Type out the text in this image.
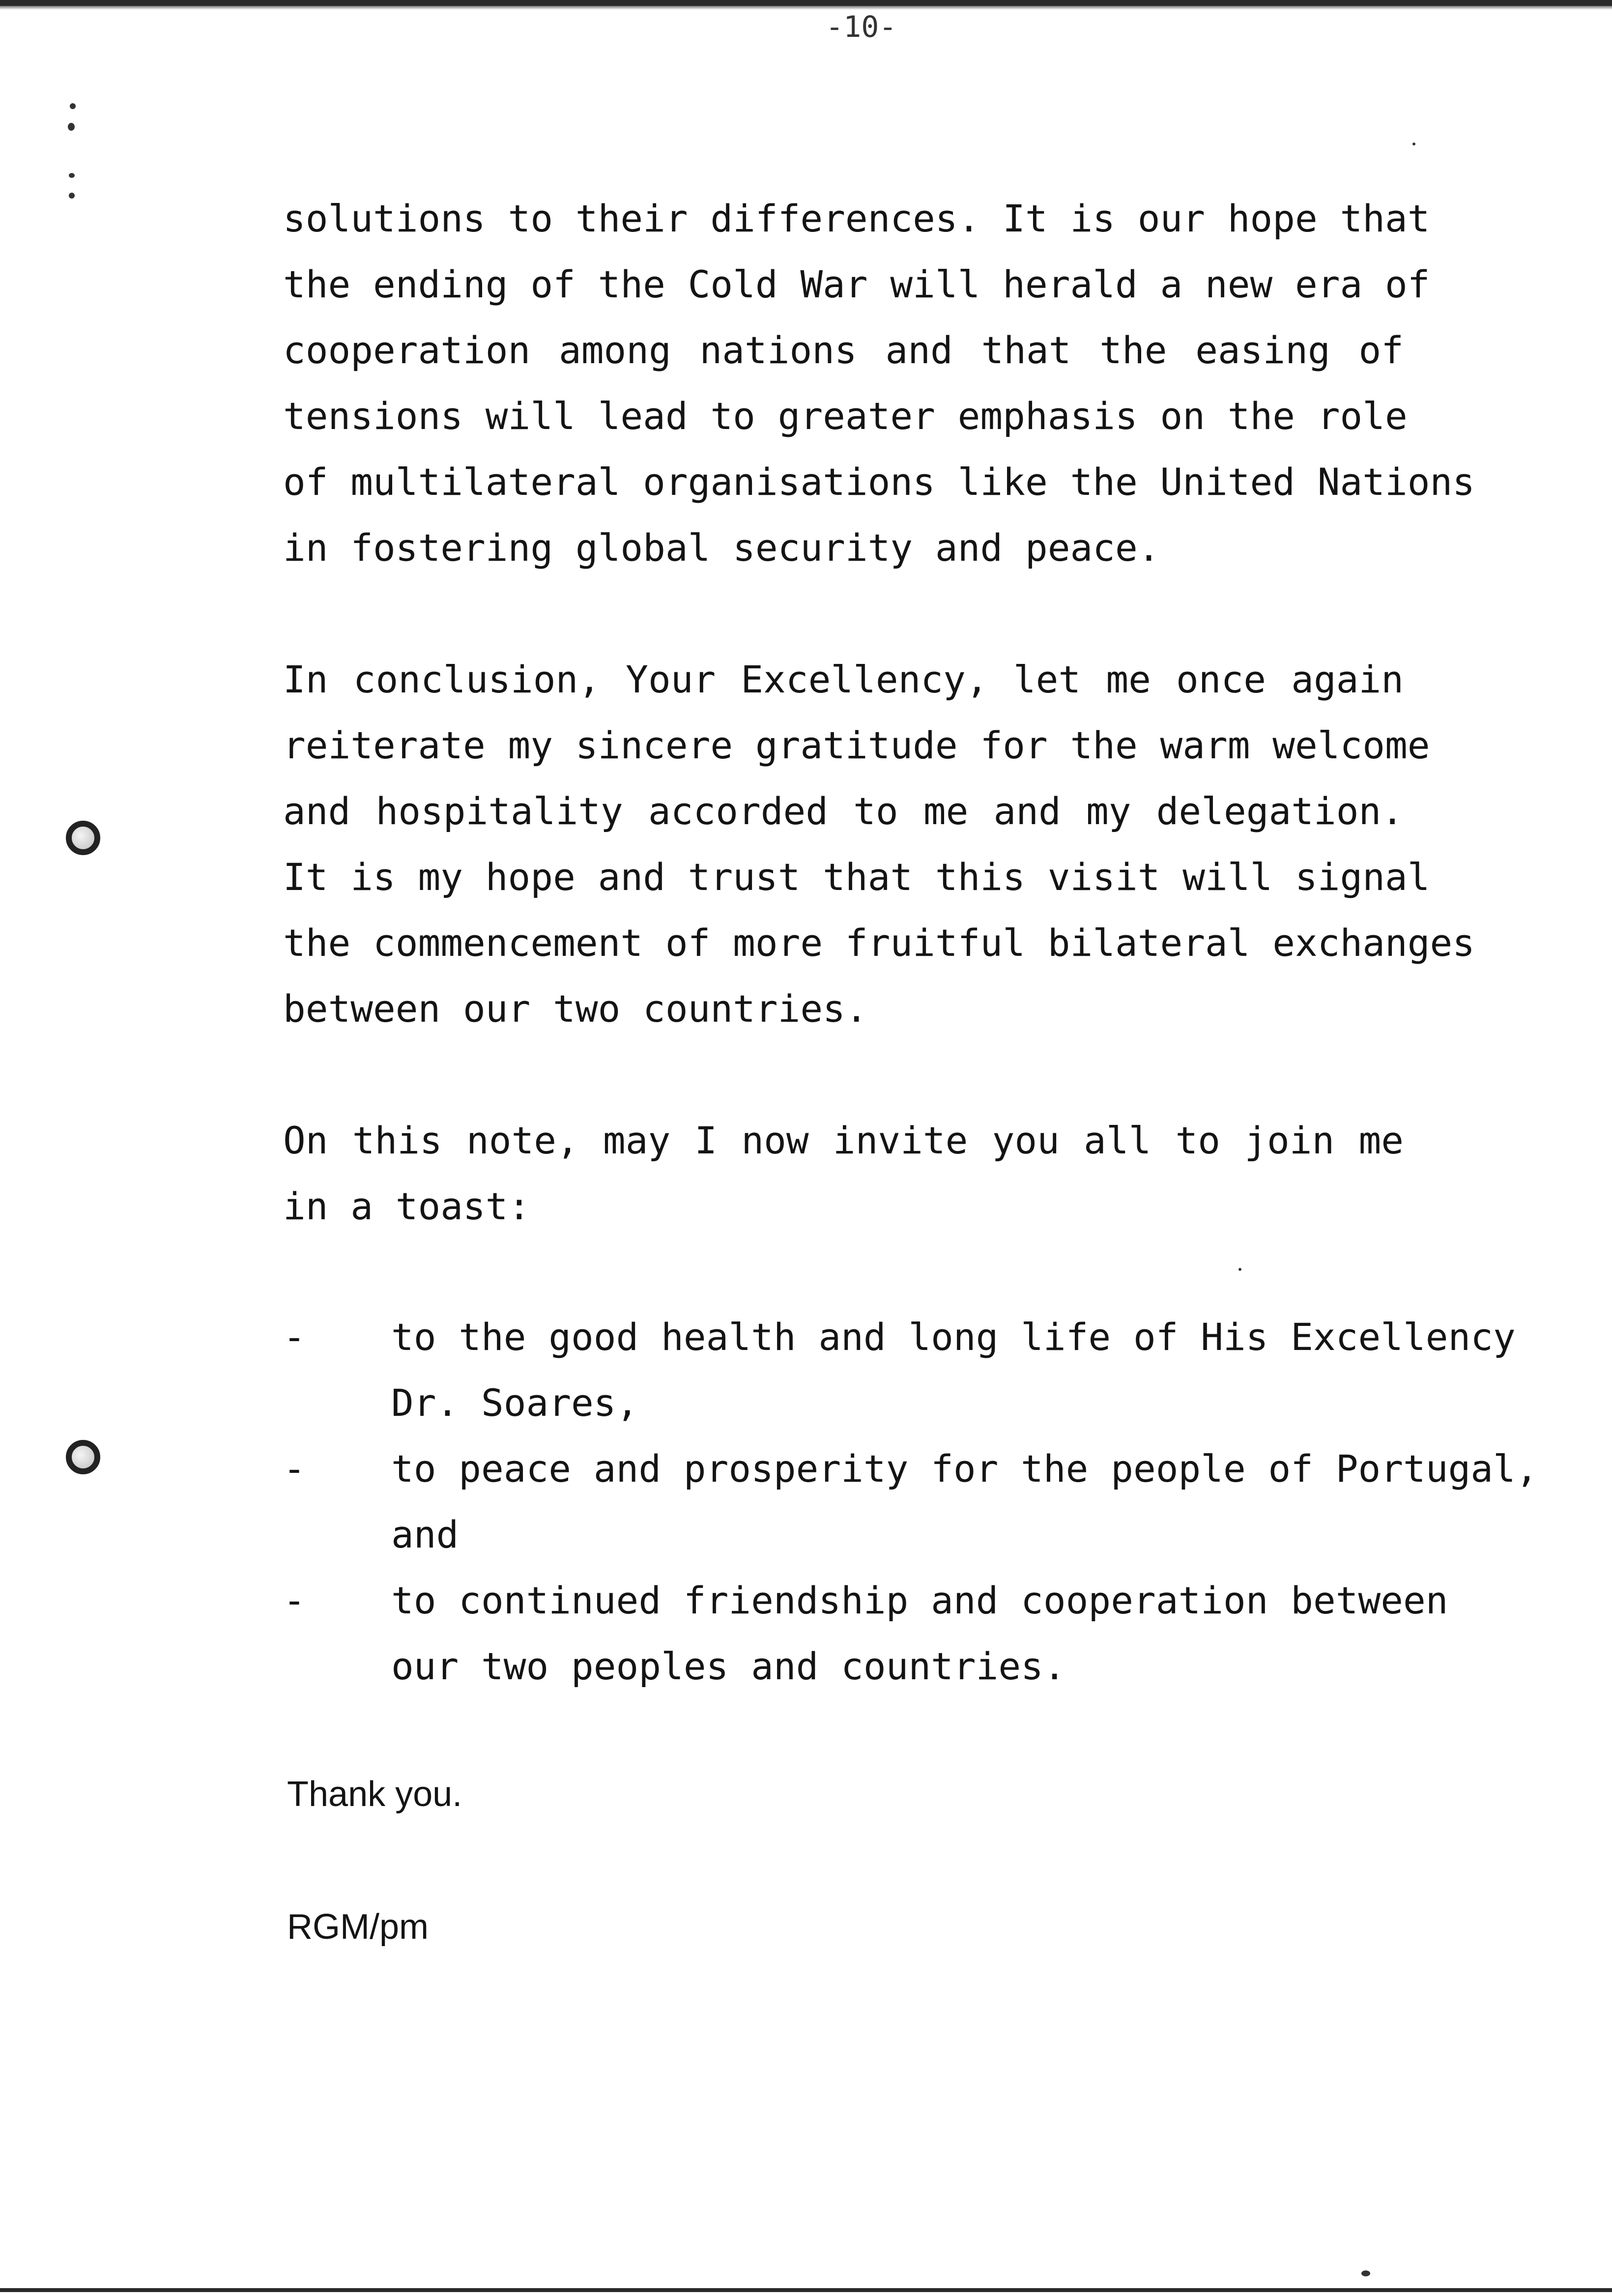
-10-
solutions to their differences. It is our hope that
the ending of the Cold War will herald a new era of
cooperation among nations and that the easing of
tensions will lead to greater emphasis on the role
of multilateral organisations like the United Nations
in fostering global security and peace.
In conclusion, Your Excellency, let me once again
reiterate my sincere gratitude for the warm welcome
and hospitality accorded to me and my delegation.
It is my hope and trust that this visit will signal
the commencement of more fruitful bilateral exchanges
between our two countries.
On this note, may I now invite you all to join me
in a toast:
- to the good health and long life of His Excellency
Dr. Soares,
- to peace and prosperity for the people of Portugal,
and
- to continued friendship and cooperation between
our two peoples and countries.
Thank you.
RGM/pm
